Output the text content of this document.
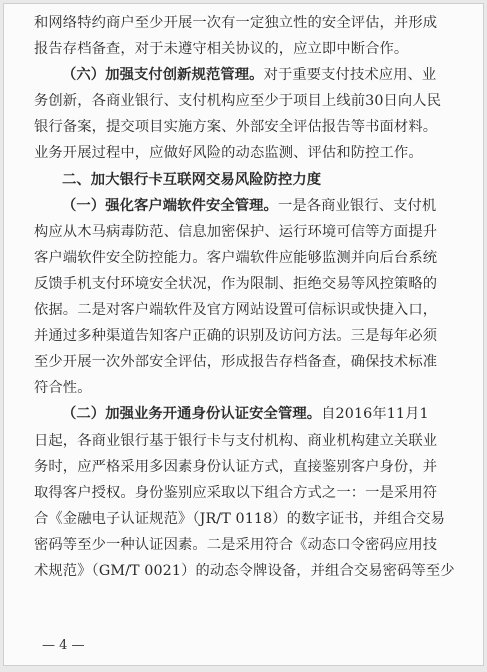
和网络特约商户至少开展一次有一定独立性的安全评估，并形成
报告存档备查，对于未遵守相关协议的，应立即中断合作。
（六）加强支付创新规范管理。对于重要支付技术应用、业
务创新，各商业银行、支付机构应至少于项目上线前30日向人民
银行备案，提交项目实施方案、外部安全评估报告等书面材料。
业务开展过程中，应做好风险的动态监测、评估和防控工作。
二、加大银行卡互联网交易风险防控力度
（一）强化客户端软件安全管理。一是各商业银行、支付机
构应从木马病毒防范、信息加密保护、运行环境可信等方面提升
客户端软件安全防控能力。客户端软件应能够监测并向后台系统
反馈手机支付环境安全状况，作为限制、拒绝交易等风控策略的
依据。二是对客户端软件及官方网站设置可信标识或快捷入口，
并通过多种渠道告知客户正确的识别及访问方法。三是每年必须
至少开展一次外部安全评估，形成报告存档备查，确保技术标准
符合性。
（二）加强业务开通身份认证安全管理。自2016年11月1
日起，各商业银行基于银行卡与支付机构、商业机构建立关联业
务时，应严格采用多因素身份认证方式，直接鉴别客户身份，并
取得客户授权。身份鉴别应采取以下组合方式之一：一是采用符
合《金融电子认证规范》（JR/T 0118）的数字证书，并组合交易
密码等至少一种认证因素。二是采用符合《动态口令密码应用技
术规范》（GM/T 0021）的动态令牌设备，并组合交易密码等至少
— 4 —
